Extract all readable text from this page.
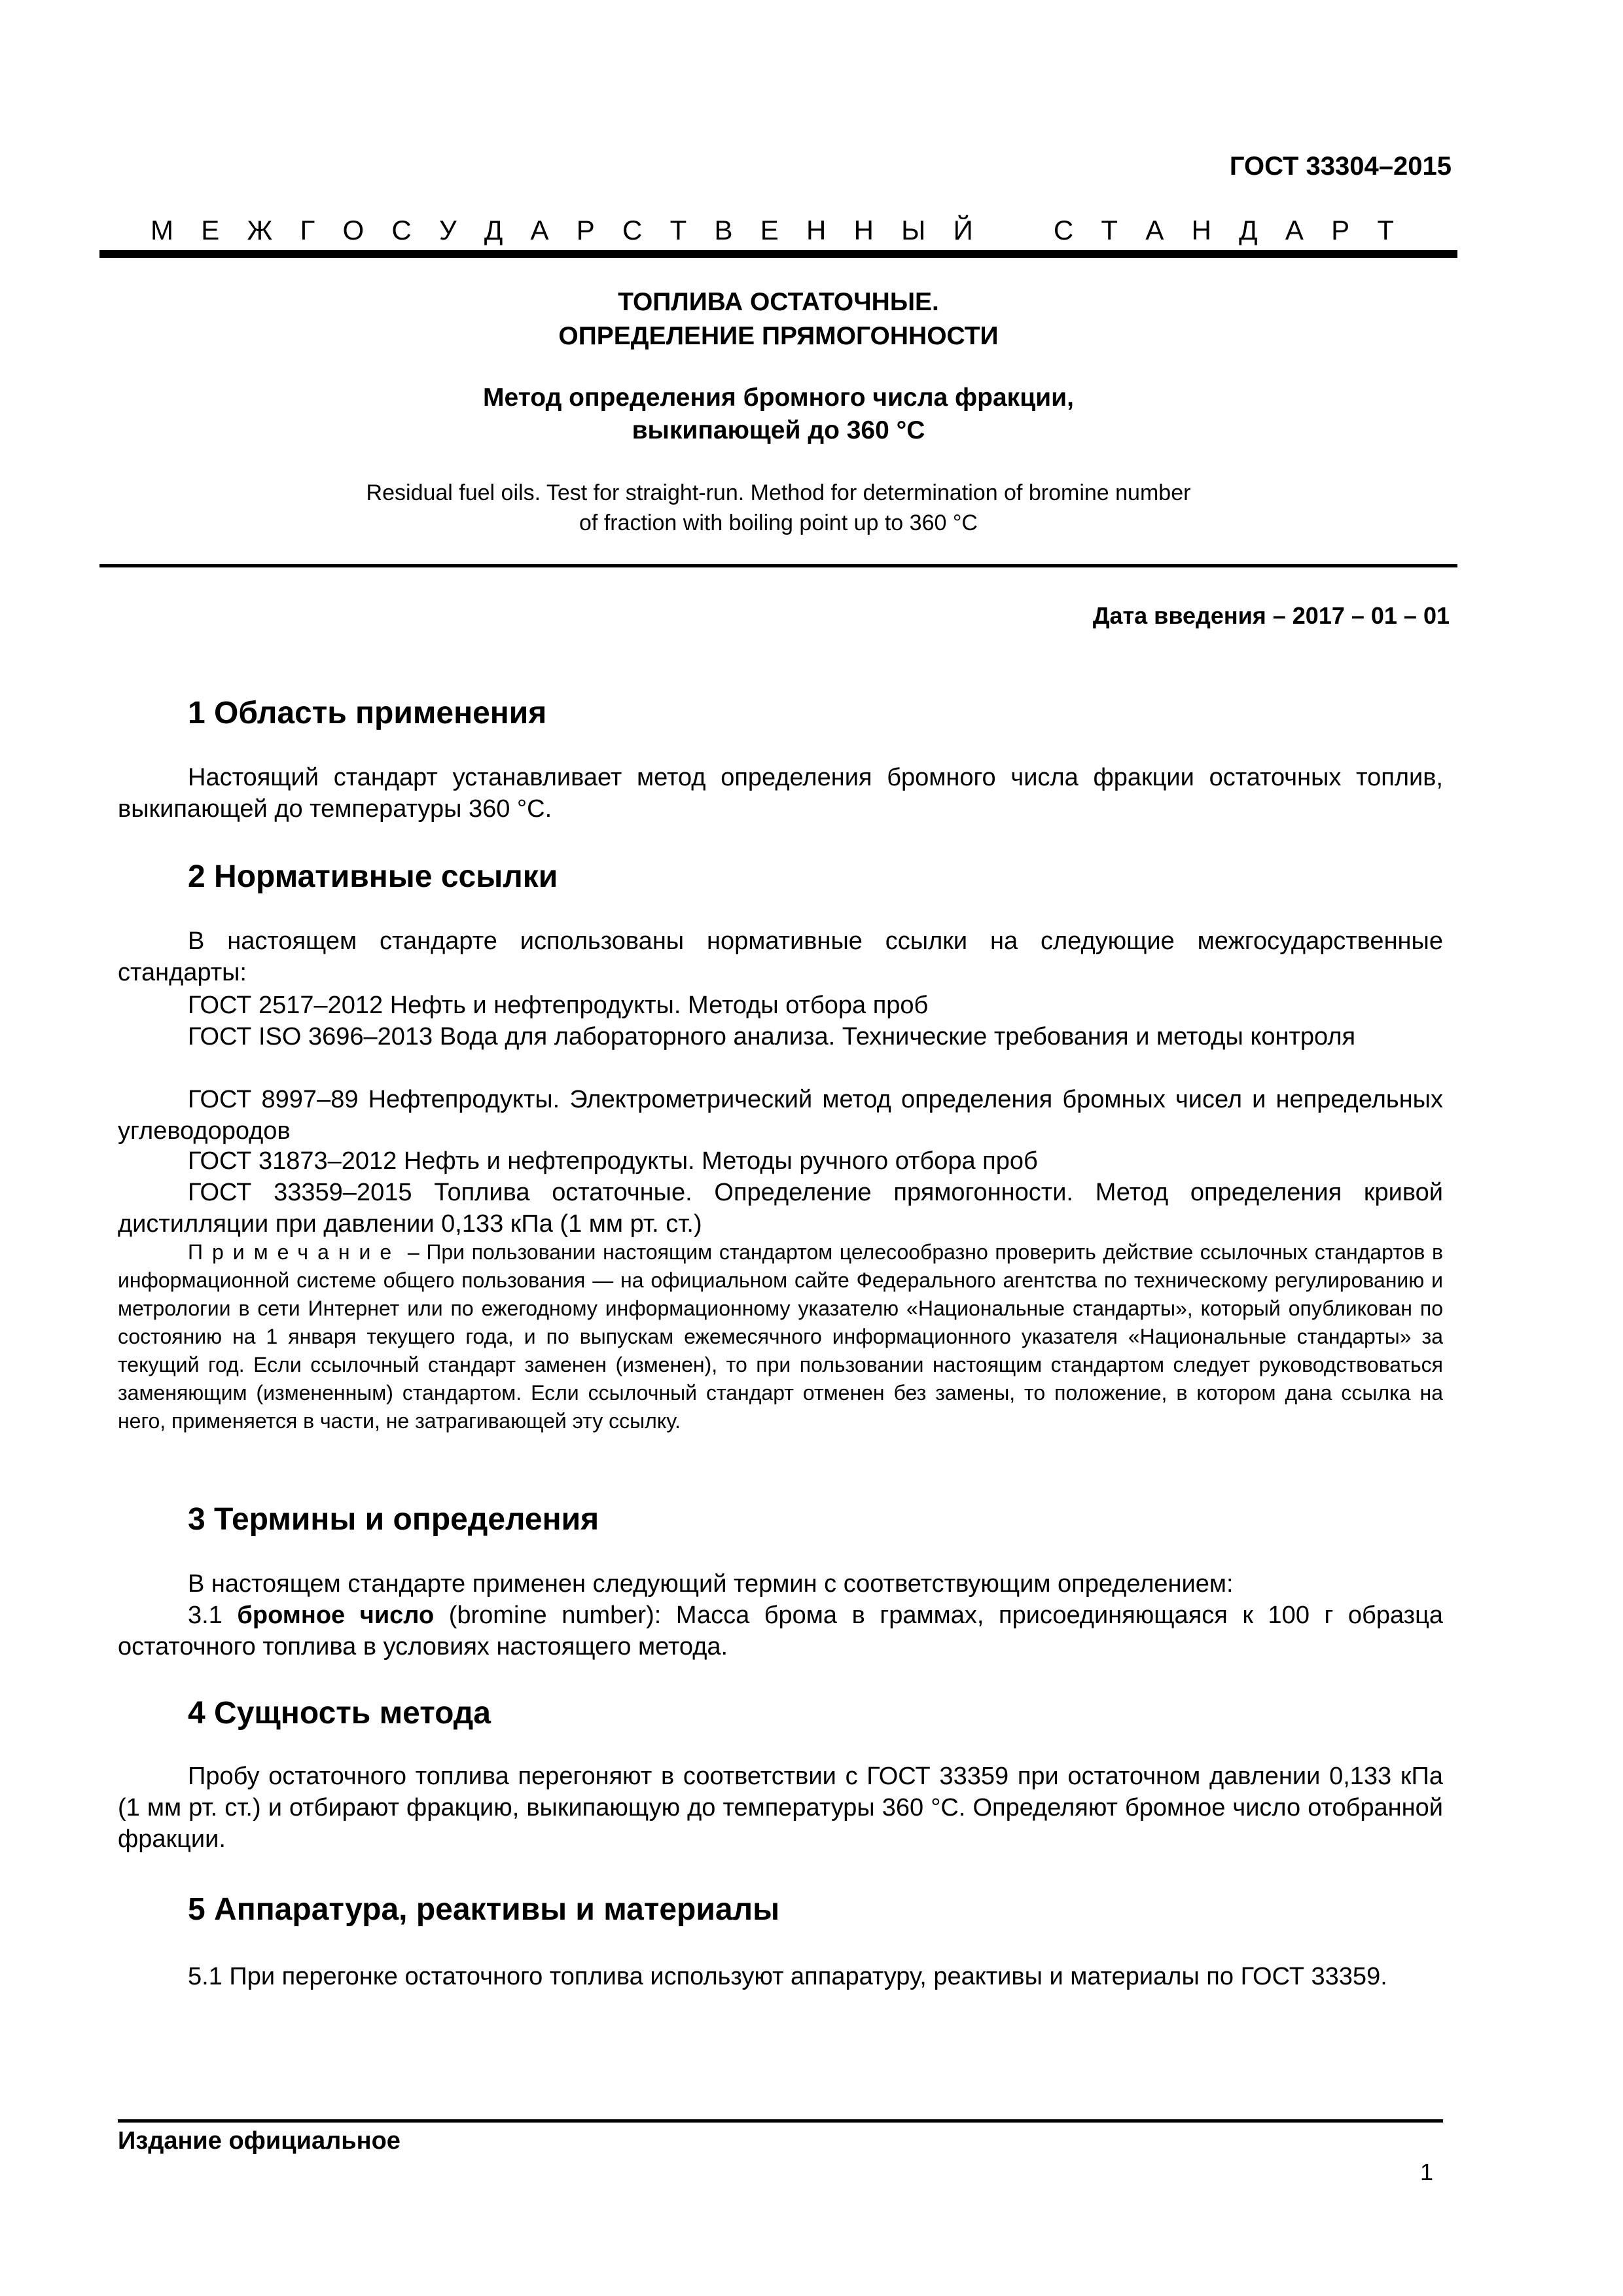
ГОСТ 33304–2015
М Е Ж Г О С У Д А Р С Т В Е Н Н Ы Й    С Т А Н Д А Р Т
ТОПЛИВА ОСТАТОЧНЫЕ.
ОПРЕДЕЛЕНИЕ ПРЯМОГОННОСТИ
Метод определения бромного числа фракции,
выкипающей до 360 °С
Residual fuel oils. Test for straight-run. Method for determination of bromine number
of fraction with boiling point up to 360 °C
Дата введения – 2017 – 01 – 01
1 Область применения
Настоящий стандарт устанавливает метод определения бромного числа фракции остаточных топлив, выкипающей до температуры 360 °С.
2 Нормативные ссылки
В настоящем стандарте использованы нормативные ссылки на следующие межгосударственные стандарты:
ГОСТ 2517–2012 Нефть и нефтепродукты. Методы отбора проб
ГОСТ ISO 3696–2013 Вода для лабораторного анализа. Технические требования и методы контроля
ГОСТ 8997–89 Нефтепродукты. Электрометрический метод определения бромных чисел и непредельных углеводородов
ГОСТ 31873–2012 Нефть и нефтепродукты. Методы ручного отбора проб
ГОСТ 33359–2015 Топлива остаточные. Определение прямогонности. Метод определения кривой дистилляции при давлении 0,133 кПа (1 мм рт. ст.)
Примечание – При пользовании настоящим стандартом целесообразно проверить действие ссылочных стандартов в информационной системе общего пользования — на официальном сайте Федерального агентства по техническому регулированию и метрологии в сети Интернет или по ежегодному информационному указателю «Национальные стандарты», который опубликован по состоянию на 1 января текущего года, и по выпускам ежемесячного информационного указателя «Национальные стандарты» за текущий год. Если ссылочный стандарт заменен (изменен), то при пользовании настоящим стандартом следует руководствоваться заменяющим (измененным) стандартом. Если ссылочный стандарт отменен без замены, то положение, в котором дана ссылка на него, применяется в части, не затрагивающей эту ссылку.
3 Термины и определения
В настоящем стандарте применен следующий термин с соответствующим определением:
3.1 бромное число (bromine number): Масса брома в граммах, присоединяющаяся к 100 г образца остаточного топлива в условиях настоящего метода.
4 Сущность метода
Пробу остаточного топлива перегоняют в соответствии с ГОСТ 33359 при остаточном давлении 0,133 кПа (1 мм рт. ст.) и отбирают фракцию, выкипающую до температуры 360 °С. Определяют бромное число отобранной фракции.
5 Аппаратура, реактивы и материалы
5.1 При перегонке остаточного топлива используют аппаратуру, реактивы и материалы по ГОСТ 33359.
Издание официальное
1
